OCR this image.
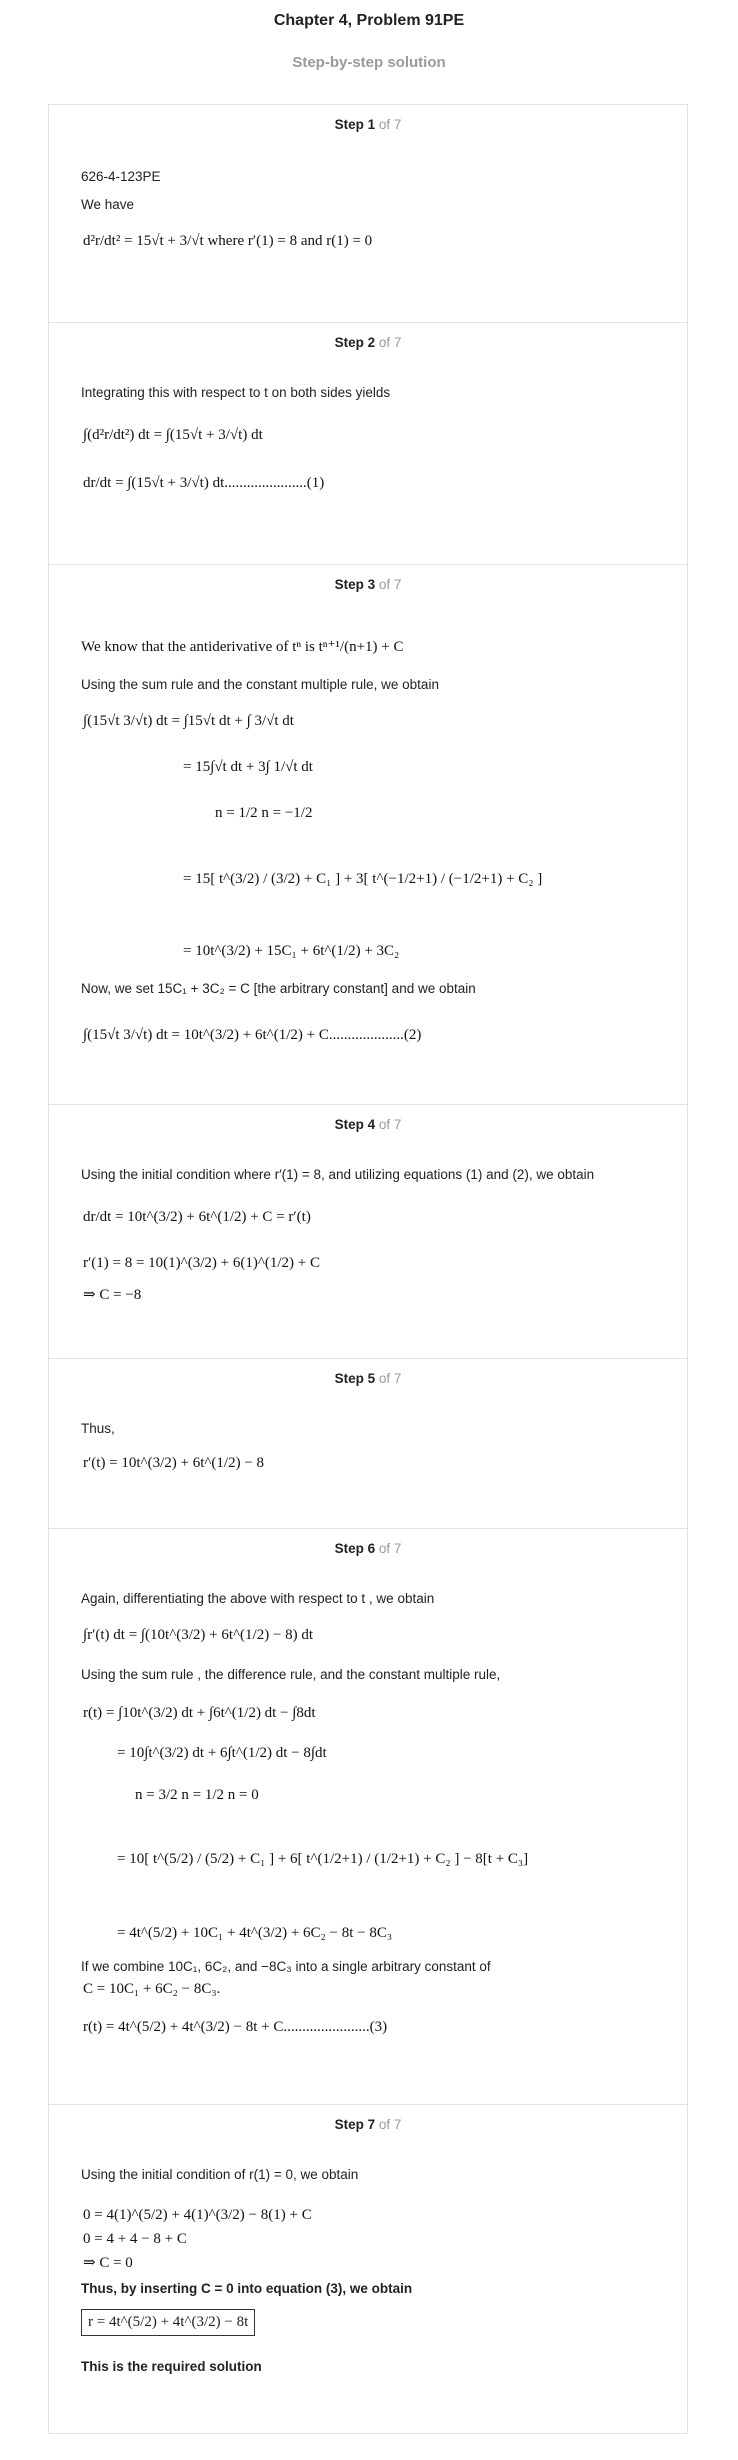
Chapter 4, Problem 91PE
Step-by-step solution
Step 1 of 7
626-4-123PE
We have
d²r/dt² = 15√t + 3/√t where r′(1) = 8 and r(1) = 0
Step 2 of 7
Integrating this with respect to t on both sides yields
∫(d²r/dt²) dt = ∫(15√t + 3/√t) dt
dr/dt = ∫(15√t + 3/√t) dt......................(1)
Step 3 of 7
We know that the antiderivative of tⁿ is tⁿ⁺¹/(n+1) + C
Using the sum rule and the constant multiple rule, we obtain
∫(15√t 3/√t) dt = ∫15√t dt + ∫ 3/√t dt
= 15∫√t dt + 3∫ 1/√t dt
n = 1/2 n = −1/2
= 15[ t^(3/2) / (3/2) + C₁ ] + 3[ t^(−1/2+1) / (−1/2+1) + C₂ ]
= 10t^(3/2) + 15C₁ + 6t^(1/2) + 3C₂
Now, we set 15C₁ + 3C₂ = C [the arbitrary constant] and we obtain
∫(15√t 3/√t) dt = 10t^(3/2) + 6t^(1/2) + C....................(2)
Step 4 of 7
Using the initial condition where r′(1) = 8, and utilizing equations (1) and (2), we obtain
dr/dt = 10t^(3/2) + 6t^(1/2) + C = r′(t)
r′(1) = 8 = 10(1)^(3/2) + 6(1)^(1/2) + C
⇒ C = −8
Step 5 of 7
Thus,
r′(t) = 10t^(3/2) + 6t^(1/2) − 8
Step 6 of 7
Again, differentiating the above with respect to t , we obtain
∫r′(t) dt = ∫(10t^(3/2) + 6t^(1/2) − 8) dt
Using the sum rule , the difference rule, and the constant multiple rule,
r(t) = ∫10t^(3/2) dt + ∫6t^(1/2) dt − ∫8dt
= 10∫t^(3/2) dt + 6∫t^(1/2) dt − 8∫dt
n = 3/2 n = 1/2 n = 0
= 10[ t^(5/2) / (5/2) + C₁ ] + 6[ t^(1/2+1) / (1/2+1) + C₂ ] − 8[t + C₃]
= 4t^(5/2) + 10C₁ + 4t^(3/2) + 6C₂ − 8t − 8C₃
If we combine 10C₁, 6C₂, and −8C₃ into a single arbitrary constant of
C = 10C₁ + 6C₂ − 8C₃.
r(t) = 4t^(5/2) + 4t^(3/2) − 8t + C.......................(3)
Step 7 of 7
Using the initial condition of r(1) = 0, we obtain
0 = 4(1)^(5/2) + 4(1)^(3/2) − 8(1) + C
0 = 4 + 4 − 8 + C
⇒ C = 0
Thus, by inserting C = 0 into equation (3), we obtain
r = 4t^(5/2) + 4t^(3/2) − 8t
This is the required solution
